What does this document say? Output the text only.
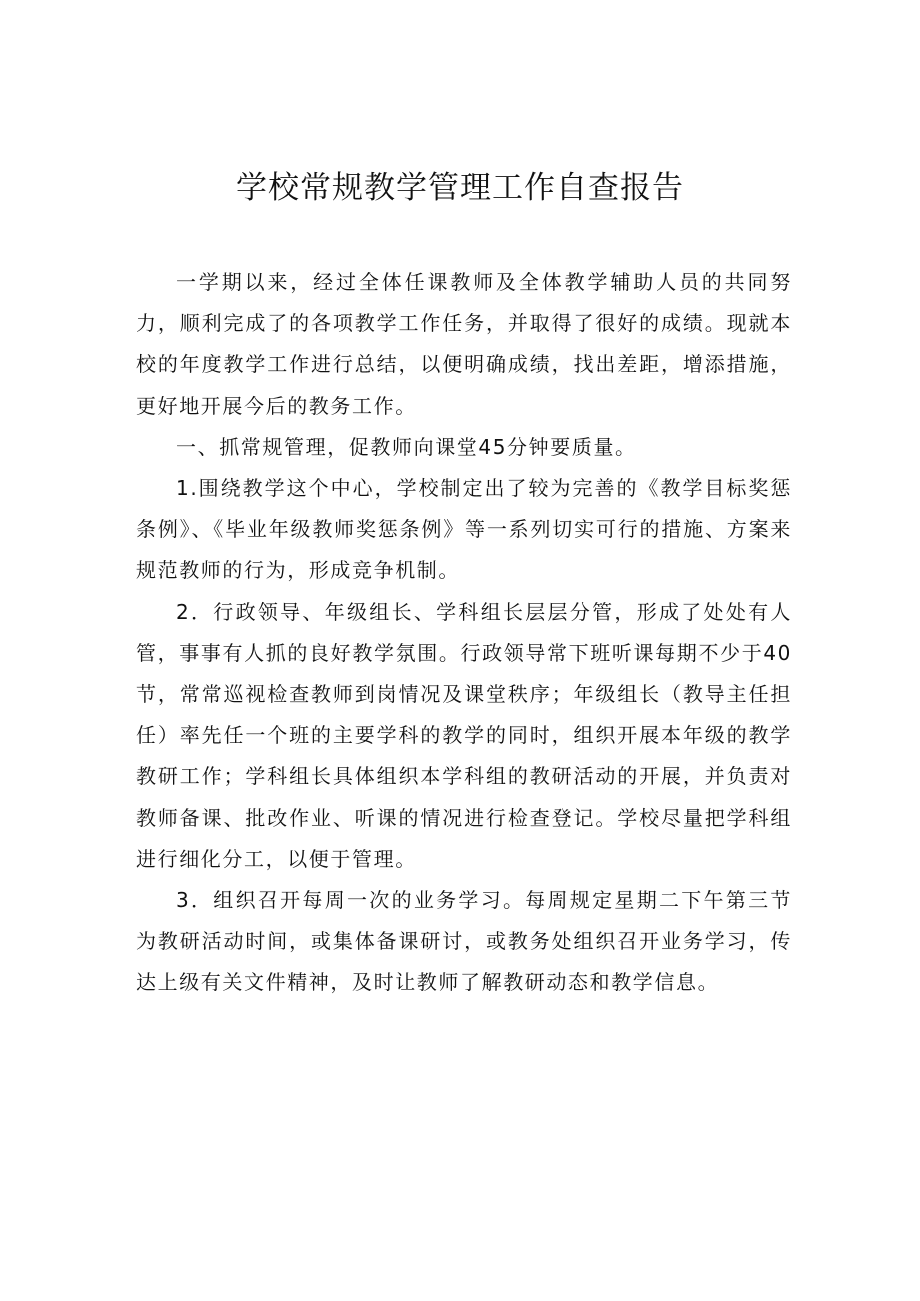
学校常规教学管理工作自查报告

一学期以来，经过全体任课教师及全体教学辅助人员的共同努力，顺利完成了的各项教学工作任务，并取得了很好的成绩。现就本校的年度教学工作进行总结，以便明确成绩，找出差距，增添措施，更好地开展今后的教务工作。

一、抓常规管理，促教师向课堂45分钟要质量。

1.围绕教学这个中心，学校制定出了较为完善的《教学目标奖惩条例》、《毕业年级教师奖惩条例》等一系列切实可行的措施、方案来规范教师的行为，形成竞争机制。

2．行政领导、年级组长、学科组长层层分管，形成了处处有人管，事事有人抓的良好教学氛围。行政领导常下班听课每期不少于40节，常常巡视检查教师到岗情况及课堂秩序；年级组长（教导主任担任）率先任一个班的主要学科的教学的同时，组织开展本年级的教学教研工作；学科组长具体组织本学科组的教研活动的开展，并负责对教师备课、批改作业、听课的情况进行检查登记。学校尽量把学科组进行细化分工，以便于管理。

3．组织召开每周一次的业务学习。每周规定星期二下午第三节为教研活动时间，或集体备课研讨，或教务处组织召开业务学习，传达上级有关文件精神，及时让教师了解教研动态和教学信息。
